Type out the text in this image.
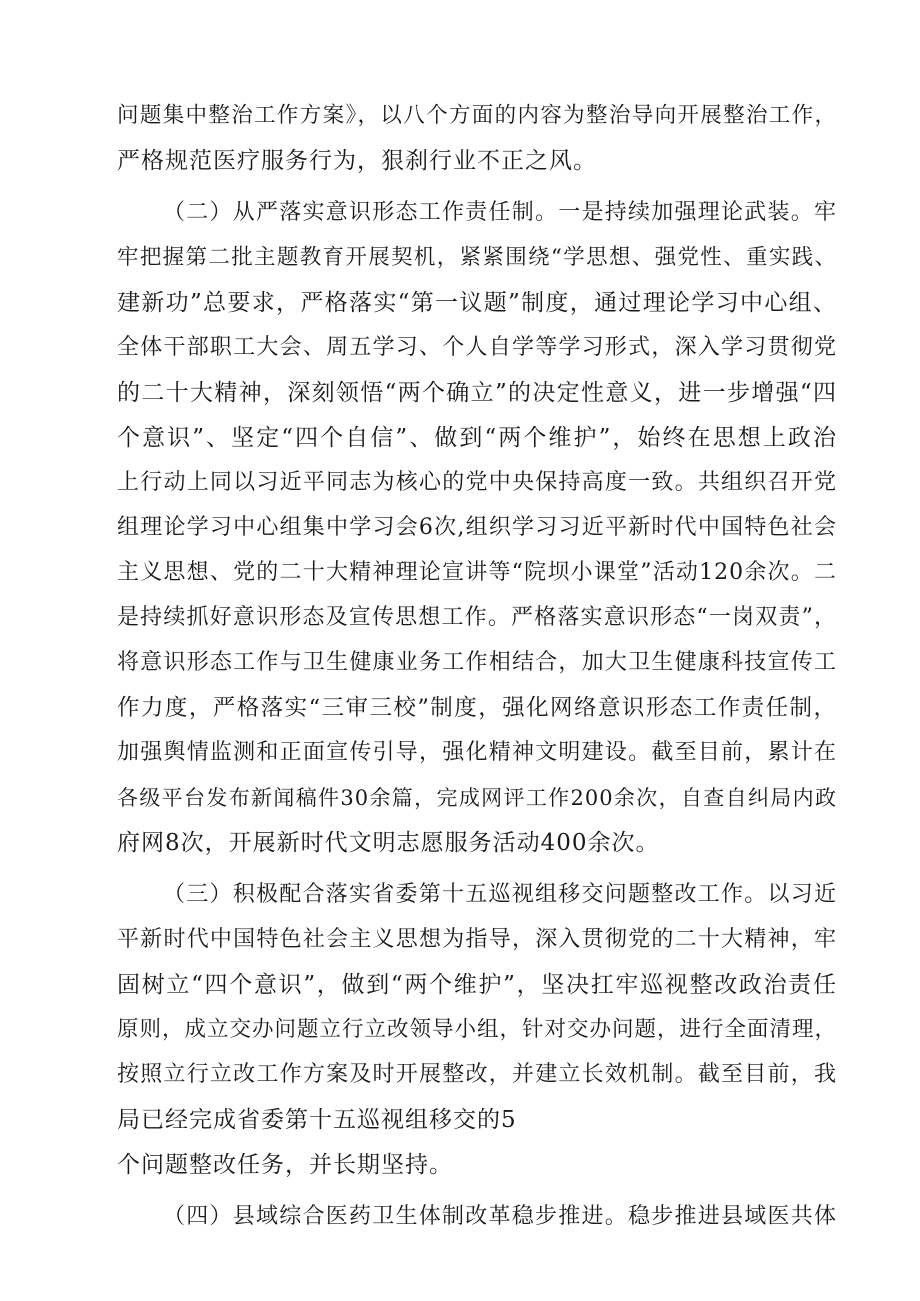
问题集中整治工作方案》，以八个方面的内容为整治导向开展整治工作，
严格规范医疗服务行为，狠刹行业不正之风。
（二）从严落实意识形态工作责任制。一是持续加强理论武装。牢
牢把握第二批主题教育开展契机，紧紧围绕“学思想、强党性、重实践、
建新功”总要求，严格落实“第一议题”制度，通过理论学习中心组、
全体干部职工大会、周五学习、个人自学等学习形式，深入学习贯彻党
的二十大精神，深刻领悟“两个确立”的决定性意义，进一步增强“四
个意识”、坚定“四个自信”、做到“两个维护”，始终在思想上政治
上行动上同以习近平同志为核心的党中央保持高度一致。共组织召开党
组理论学习中心组集中学习会6次,组织学习习近平新时代中国特色社会
主义思想、党的二十大精神理论宣讲等“院坝小课堂”活动120余次。二
是持续抓好意识形态及宣传思想工作。严格落实意识形态“一岗双责”，
将意识形态工作与卫生健康业务工作相结合，加大卫生健康科技宣传工
作力度，严格落实“三审三校”制度，强化网络意识形态工作责任制，
加强舆情监测和正面宣传引导，强化精神文明建设。截至目前，累计在
各级平台发布新闻稿件30余篇，完成网评工作200余次，自查自纠局内政
府网8次，开展新时代文明志愿服务活动400余次。
（三）积极配合落实省委第十五巡视组移交问题整改工作。以习近
平新时代中国特色社会主义思想为指导，深入贯彻党的二十大精神，牢
固树立“四个意识”，做到“两个维护”，坚决扛牢巡视整改政治责任
原则，成立交办问题立行立改领导小组，针对交办问题，进行全面清理，
按照立行立改工作方案及时开展整改，并建立长效机制。截至目前，我
局已经完成省委第十五巡视组移交的5
个问题整改任务，并长期坚持。
（四）县域综合医药卫生体制改革稳步推进。稳步推进县域医共体
